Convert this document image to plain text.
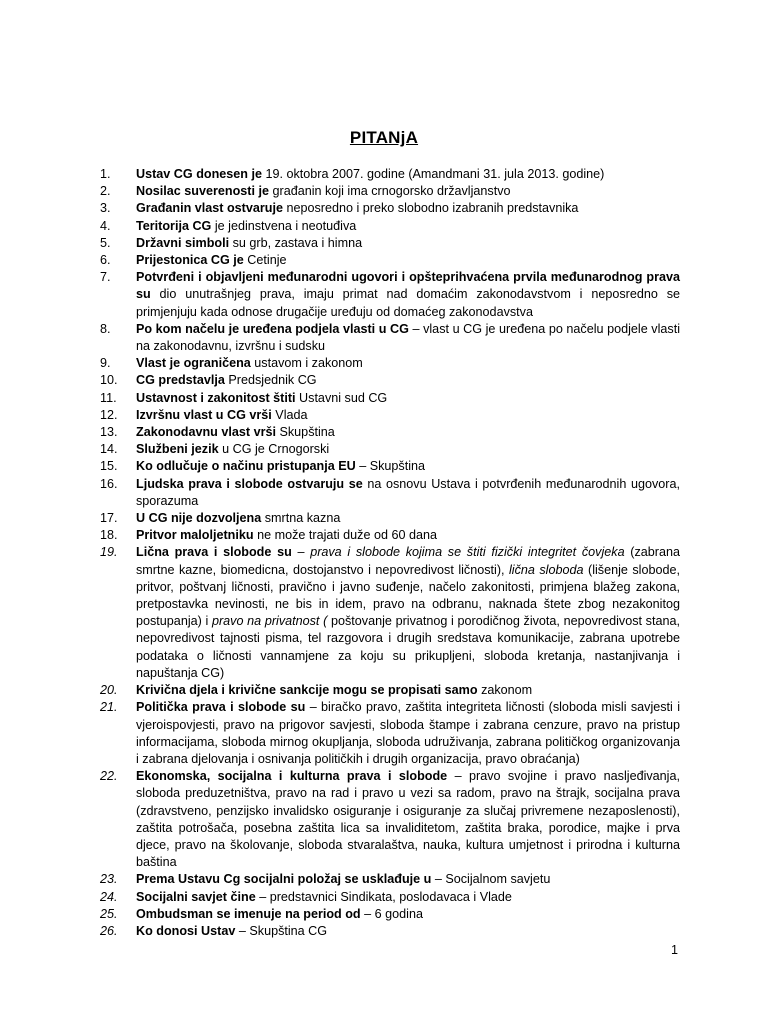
PITANjA
1.	Ustav CG donesen je 19. oktobra 2007. godine (Amandmani 31. jula 2013. godine)
2.	Nosilac suverenosti je građanin koji ima crnogorsko državljanstvo
3.	Građanin vlast ostvaruje neposredno i preko slobodno izabranih predstavnika
4.	Teritorija CG je jedinstvena i neotuđiva
5.	Državni simboli su grb, zastava i himna
6.	Prijestonica CG je Cetinje
7.	Potvrđeni i objavljeni međunarodni ugovori i opšteprihvaćena prvila međunarodnog prava su dio unutrašnjeg prava, imaju primat nad domaćim zakonodavstvom i neposredno se primjenjuju kada odnose drugačije uređuju od domaćeg zakonodavstva
8.	Po kom načelu je uređena podjela vlasti u CG – vlast u CG je uređena po načelu podjele vlasti na zakonodavnu, izvršnu i sudsku
9.	Vlast je ograničena ustavom i zakonom
10.	CG predstavlja Predsjednik CG
11.	Ustavnost i zakonitost štiti Ustavni sud CG
12.	Izvršnu vlast u CG vrši Vlada
13.	Zakonodavnu vlast vrši Skupština
14.	Službeni jezik u CG je Crnogorski
15.	Ko odlučuje o načinu pristupanja EU – Skupština
16.	Ljudska prava i slobode ostvaruju se na osnovu Ustava i potvrđenih međunarodnih ugovora, sporazuma
17.	U CG nije dozvoljena smrtna kazna
18.	Pritvor maloljetniku ne može trajati duže od 60 dana
19.	Lična prava i slobode su – prava i slobode kojima se štiti fizički integritet čovjeka (zabrana smrtne kazne, biomedicna, dostojanstvo i nepovredivost ličnosti), lična sloboda (lišenje slobode, pritvor, poštvanj ličnosti, pravično i javno suđenje, načelo zakonitosti, primjena blažeg zakona, pretpostavka nevinosti, ne bis in idem, pravo na odbranu, naknada štete zbog nezakonitog postupanja) i pravo na privatnost ( poštovanje privatnog i porodičnog života, nepovredivost stana, nepovredivost tajnosti pisma, tel razgovora i drugih sredstava komunikacije, zabrana upotrebe podataka o ličnosti vannamjene za koju su prikupljeni, sloboda kretanja, nastanjivanja i napuštanja CG)
20.	Krivična djela i krivične sankcije mogu se propisati samo zakonom
21.	Politička prava i slobode su – biračko pravo, zaštita integriteta ličnosti (sloboda misli savjesti i vjeroispovjesti, pravo na prigovor savjesti, sloboda štampe i zabrana cenzure, pravo na pristup informacijama, sloboda mirnog okupljanja, sloboda udruživanja, zabrana političkog organizovanja i zabrana djelovanja i osnivanja političkih i drugih organizacija, pravo obraćanja)
22.	Ekonomska, socijalna i kulturna prava i slobode – pravo svojine i pravo nasljeđivanja, sloboda preduzetništva, pravo na rad i pravo u vezi sa radom, pravo na štrajk, socijalna prava (zdravstveno, penzijsko invalidsko osiguranje i osiguranje za slučaj privremene nezaposlenosti), zaštita potrošača, posebna zaštita lica sa invaliditetom, zaštita braka, porodice, majke i prva djece, pravo na školovanje, sloboda stvaralaštva, nauka, kultura umjetnost i prirodna i kulturna baština
23.	Prema Ustavu Cg socijalni položaj se usklađuje u – Socijalnom savjetu
24.	Socijalni savjet čine – predstavnici Sindikata, poslodavaca i Vlade
25.	Ombudsman se imenuje na period od – 6 godina
26.	Ko donosi Ustav – Skupština CG
1
